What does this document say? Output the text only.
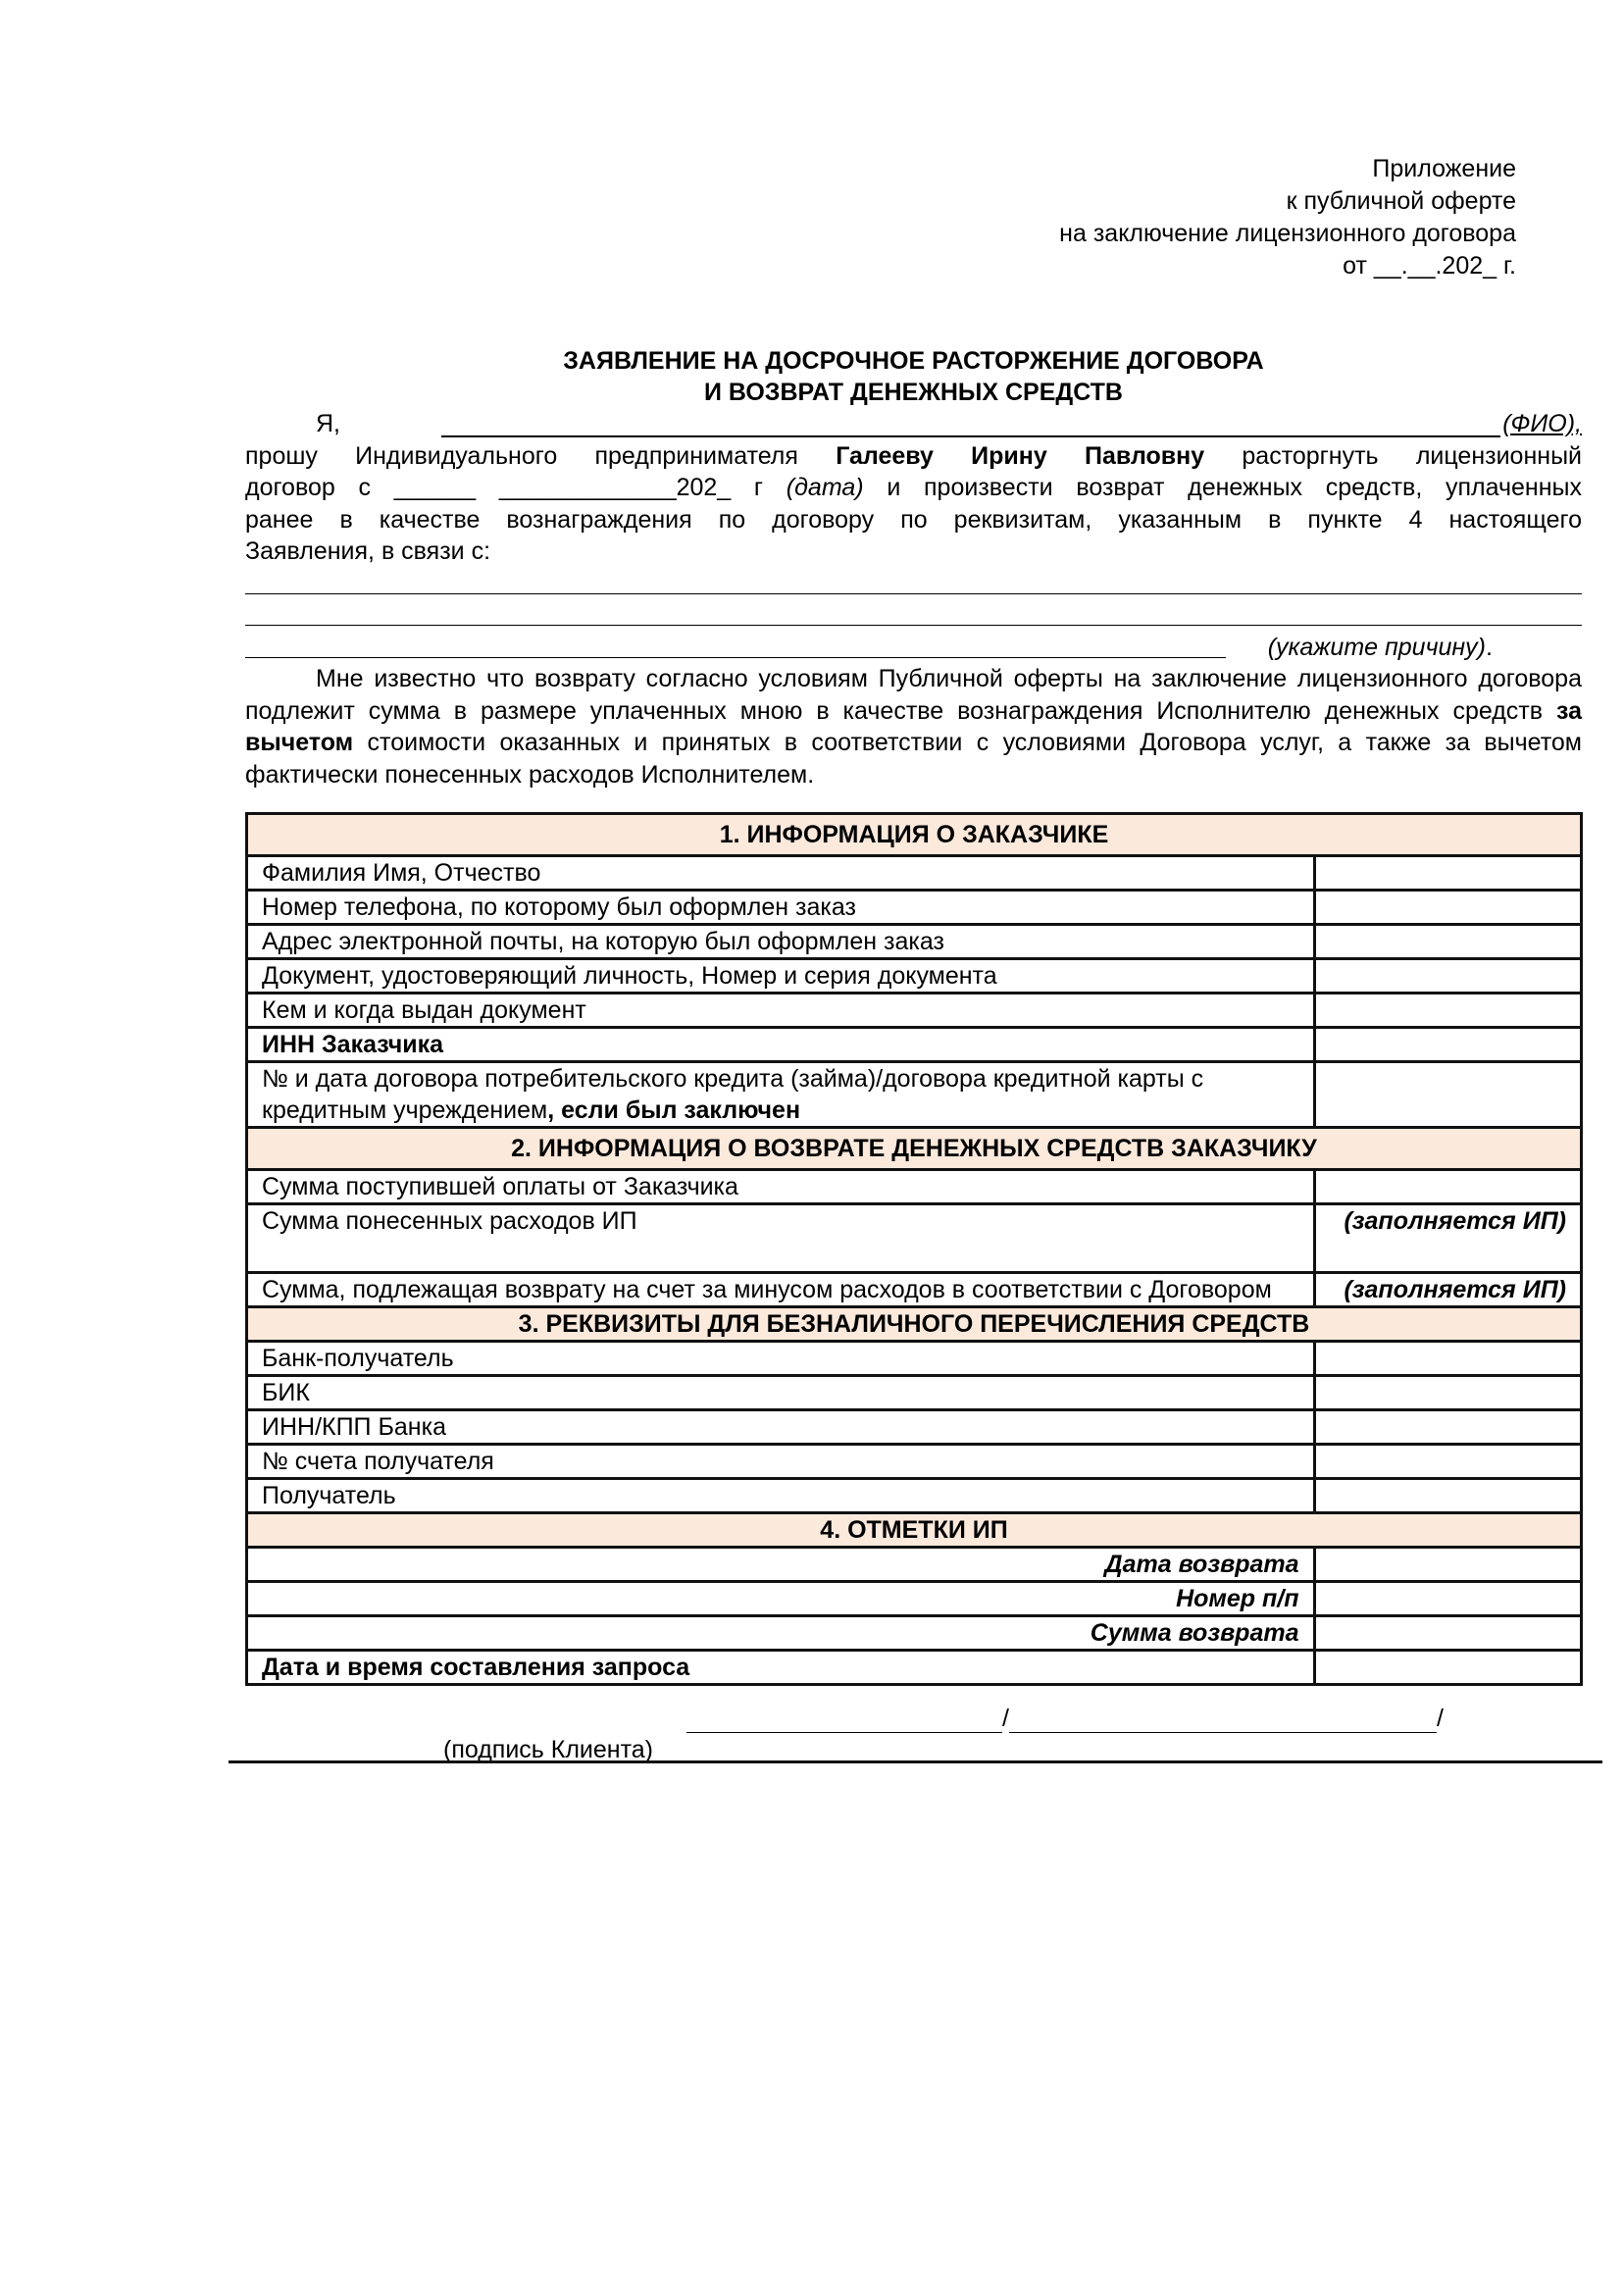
Приложение
к публичной оферте
на заключение лицензионного договора
от __.__.202_ г.
ЗАЯВЛЕНИЕ НА ДОСРОЧНОЕ РАСТОРЖЕНИЕ ДОГОВОРА
И ВОЗВРАТ ДЕНЕЖНЫХ СРЕДСТВ
Я,	(ФИО),
прошу Индивидуального предпринимателя Галееву Ирину Павловну расторгнуть лицензионный
договор с ______ _____________202_ г (дата) и произвести возврат денежных средств, уплаченных
ранее в качестве вознаграждения по договору по реквизитам, указанным в пункте 4 настоящего
Заявления, в связи с:
(укажите причину) .
Мне известно что возврату согласно условиям Публичной оферты на заключение лицензионного договора подлежит сумма в размере уплаченных мною в качестве вознаграждения Исполнителю денежных средств за вычетом стоимости оказанных и принятых в соответствии с условиями Договора услуг, а также за вычетом фактически понесенных расходов Исполнителем.
1. ИНФОРМАЦИЯ О ЗАКАЗЧИКЕ	
Фамилия Имя, Отчество	
Номер телефона, по которому был оформлен заказ	
Адрес электронной почты, на которую был оформлен заказ	
Документ, удостоверяющий личность, Номер и серия документа	
Кем и когда выдан документ	
ИНН Заказчика	
№ и дата договора потребительского кредита (займа)/договора кредитной карты с кредитным учреждением, если был заключен	
2. ИНФОРМАЦИЯ О ВОЗВРАТЕ ДЕНЕЖНЫХ СРЕДСТВ ЗАКАЗЧИКУ	
Сумма поступившей оплаты от Заказчика	
Сумма понесенных расходов ИП	(заполняется ИП)
Сумма, подлежащая возврату на счет за минусом расходов в соответствии с Договором	(заполняется ИП)
3. РЕКВИЗИТЫ ДЛЯ БЕЗНАЛИЧНОГО ПЕРЕЧИСЛЕНИЯ СРЕДСТВ	
Банк-получатель	
БИК	
ИНН/КПП Банка	
№ счета получателя	
Получатель	
4. ОТМЕТКИ ИП	
Дата возврата	
Номер п/п	
Сумма возврата	
Дата и время составления запроса	
/	/
(подпись Клиента)
